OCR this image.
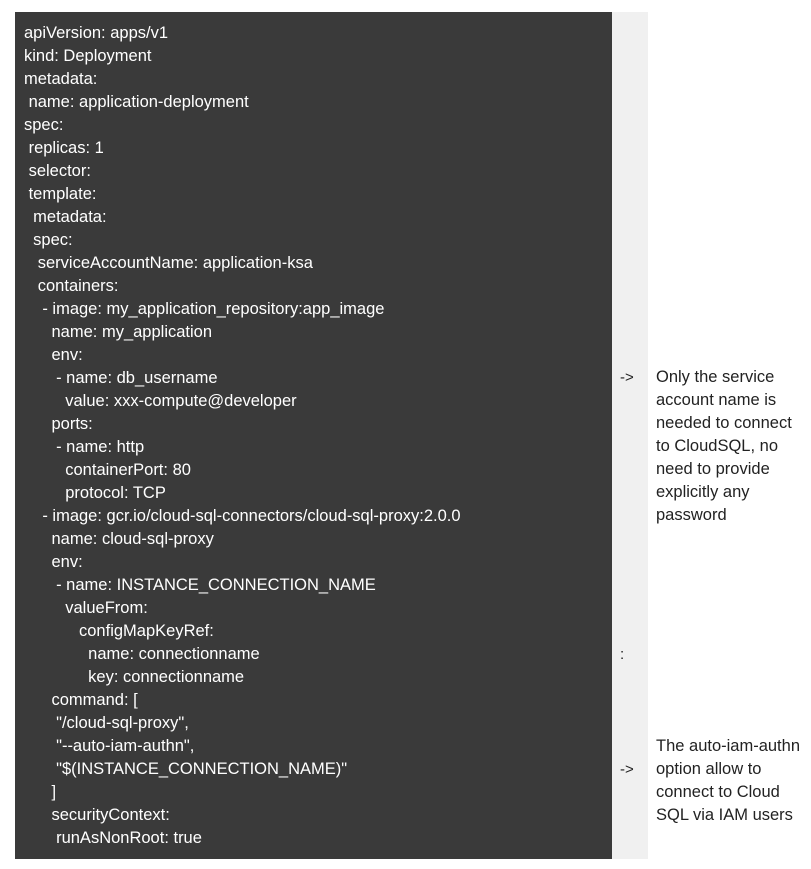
apiVersion: apps/v1
kind: Deployment
metadata:
name: application-deployment
spec:
replicas: 1
selector:
template:
metadata:
spec:
serviceAccountName: application-ksa
containers:
- image: my_application_repository:app_image
name: my_application
env:
- name: db_username
value: xxx-compute@developer
ports:
- name: http
containerPort: 80
protocol: TCP
- image: gcr.io/cloud-sql-connectors/cloud-sql-proxy:2.0.0
name: cloud-sql-proxy
env:
- name: INSTANCE_CONNECTION_NAME
valueFrom:
configMapKeyRef:
name: connectionname
key: connectionname
command: [
"/cloud-sql-proxy",
"--auto-iam-authn",
"$(INSTANCE_CONNECTION_NAME)"
]
securityContext:
runAsNonRoot: true
->
:
->
Only the service account name is needed to connect to CloudSQL, no need to provide explicitly any password
The auto-iam-authn option allow to connect to Cloud SQL via IAM users
